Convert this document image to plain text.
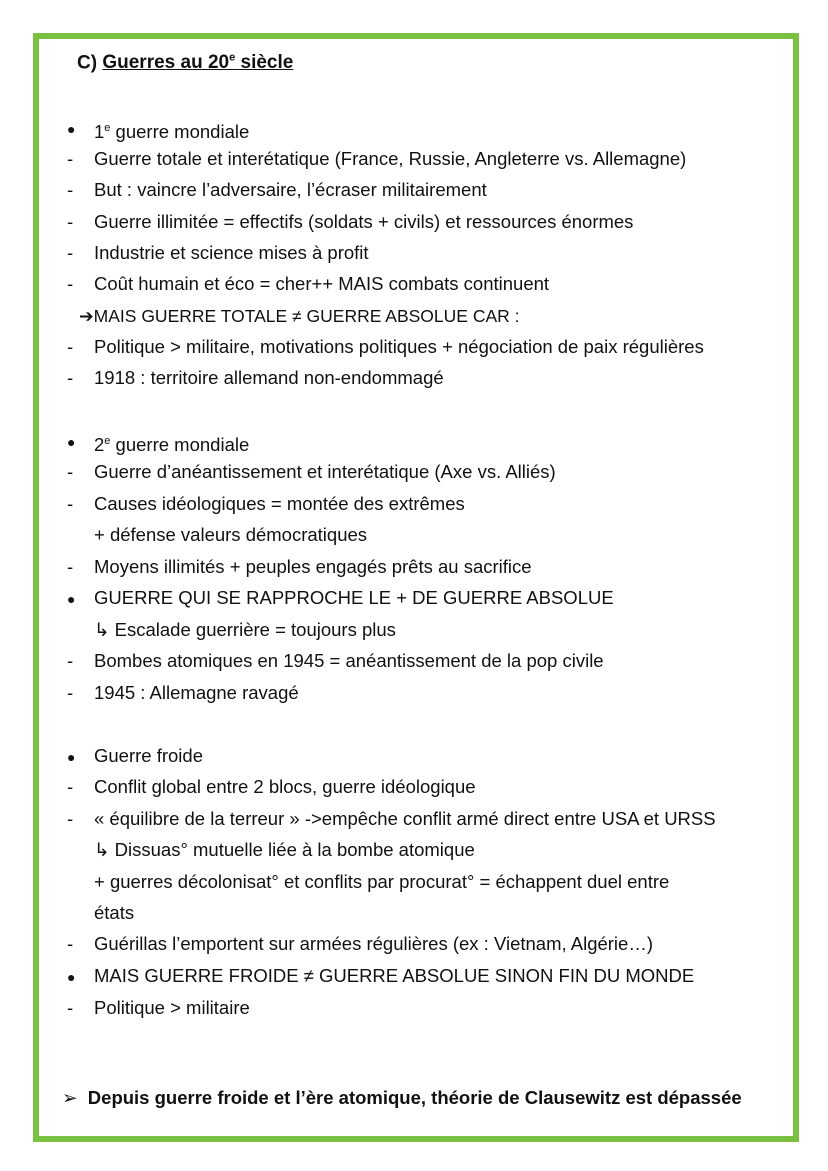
C) Guerres au 20e siècle
●	1e guerre mondiale
-
Guerre totale et interétatique (France, Russie, Angleterre vs. Allemagne)
-
But : vaincre l’adversaire, l’écraser militairement
-
Guerre illimitée = effectifs (soldats + civils) et ressources énormes
-
Industrie et science mises à profit
-
Coût humain et éco = cher++ MAIS combats continuent
➔MAIS GUERRE TOTALE ≠ GUERRE ABSOLUE CAR :
-
Politique > militaire, motivations politiques + négociation de paix régulières
-
1918 : territoire allemand non-endommagé
●	2e guerre mondiale
-
Guerre d’anéantissement et interétatique (Axe vs. Alliés)
-
Causes idéologiques = montée des extrêmes
+ défense valeurs démocratiques
-
Moyens illimités + peuples engagés prêts au sacrifice
●	GUERRE QUI SE RAPPROCHE LE + DE GUERRE ABSOLUE
↳ Escalade guerrière = toujours plus
-
Bombes atomiques en 1945 = anéantissement de la pop civile
-
1945 : Allemagne ravagé
●	Guerre froide
-
Conflit global entre 2 blocs, guerre idéologique
-
« équilibre de la terreur » ->empêche conflit armé direct entre USA et URSS
↳ Dissuas° mutuelle liée à la bombe atomique
+ guerres décolonisat° et conflits par procurat° = échappent duel entre
états
-
Guérillas l’emportent sur armées régulières (ex : Vietnam, Algérie…)
●	MAIS GUERRE FROIDE ≠ GUERRE ABSOLUE SINON FIN DU MONDE
-
Politique > militaire
➢ Depuis guerre froide et l’ère atomique, théorie de Clausewitz est dépassée
